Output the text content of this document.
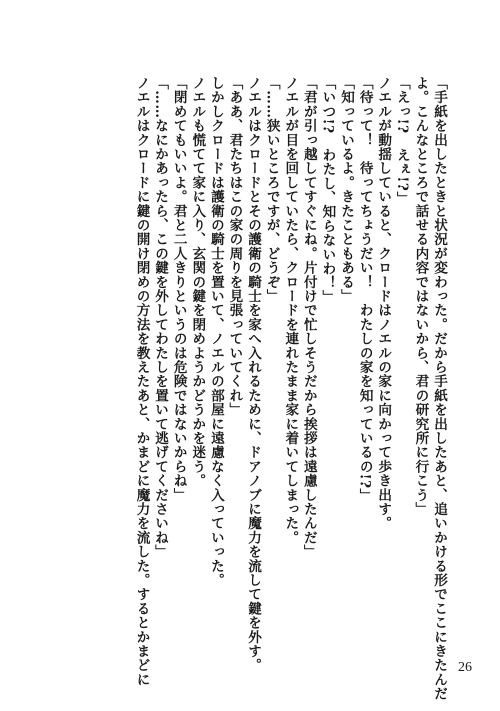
「手紙を出したときと状況が変わった。だから手紙を出したあと、追いかける形でここにきたんだ
よ。こんなところで話せる内容ではないから、君の研究所に行こう」
「えっ!?　えぇ!?」
ノエルが動揺していると、クロードはノエルの家に向かって歩き出す。
「待って！　待ってちょうだい！　わたしの家を知っているの!?」
「知っているよ。きたこともある」
「いつ!?　わたし、知らないわ！」
「君が引っ越してすぐにね。片付けで忙しそうだから挨拶は遠慮したんだ」
ノエルが目を回していたら、クロードを連れたまま家に着いてしまった。
「……狭いところですが、どうぞ」
ノエルはクロードとその護衛の騎士を家へ入れるために、ドアノブに魔力を流して鍵を外す。
「ああ、君たちはこの家の周りを見張っていてくれ」
しかしクロードは護衛の騎士を置いて、ノエルの部屋に遠慮なく入っていった。
ノエルも慌てて家に入り、玄関の鍵を閉めようかどうかを迷う。
「閉めてもいいよ。君と二人きりというのは危険ではないからね」
「……なにかあったら、この鍵を外してわたしを置いて逃げてくださいね」
ノエルはクロードに鍵の開け閉めの方法を教えたあと、かまどに魔力を流した。するとかまどに	26
